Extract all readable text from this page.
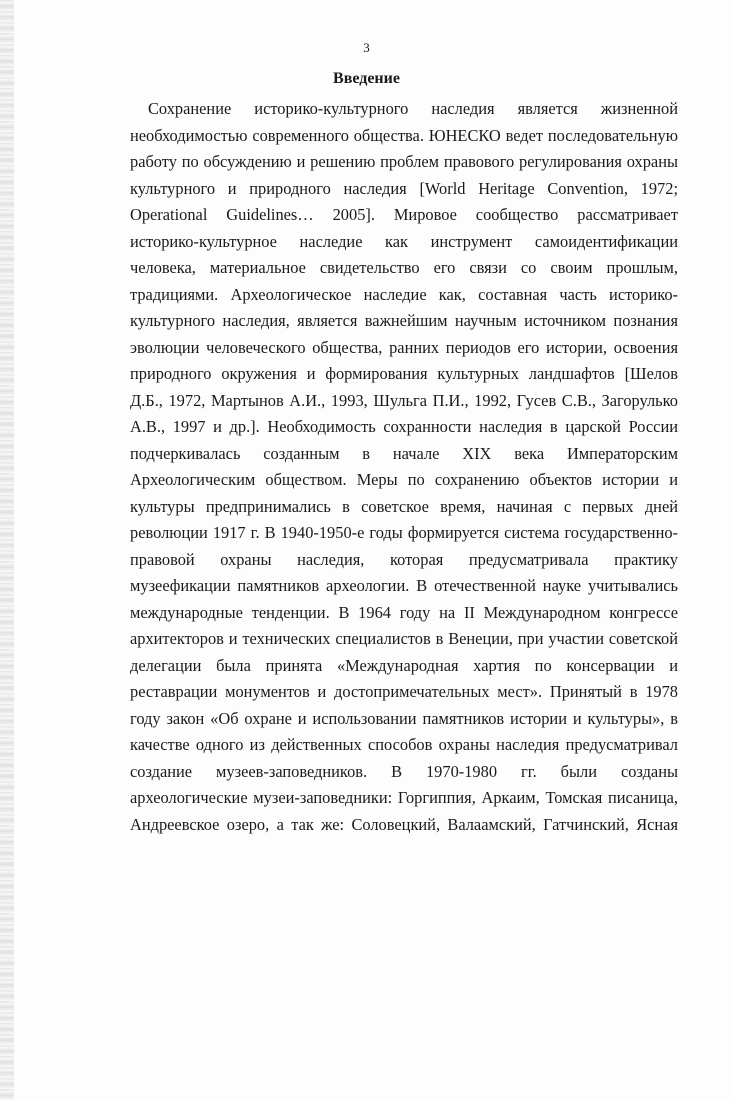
3
Введение
Сохранение историко-культурного наследия является жизненной
необходимостью современного общества. ЮНЕСКО ведет последовательную
работу по обсуждению и решению проблем правового регулирования охраны
культурного и природного наследия [World Heritage Convention, 1972;
Operational Guidelines… 2005]. Мировое сообщество рассматривает
историко-культурное наследие как инструмент самоидентификации
человека, материальное свидетельство его связи со своим прошлым,
традициями. Археологическое наследие как, составная часть историко-
культурного наследия, является важнейшим научным источником познания
эволюции человеческого общества, ранних периодов его истории, освоения
природного окружения и формирования культурных ландшафтов [Шелов
Д.Б., 1972, Мартынов А.И., 1993, Шульга П.И., 1992, Гусев С.В., Загорулько
А.В., 1997 и др.]. Необходимость сохранности наследия в царской России
подчеркивалась созданным в начале XIX века Императорским
Археологическим обществом. Меры по сохранению объектов истории и
культуры предпринимались в советское время, начиная с первых дней
революции 1917 г. В 1940-1950-е годы формируется система государственно-
правовой охраны наследия, которая предусматривала практику
музеефикации памятников археологии. В отечественной науке учитывались
международные тенденции. В 1964 году на II Международном конгрессе
архитекторов и технических специалистов в Венеции, при участии советской
делегации была принята «Международная хартия по консервации и
реставрации монументов и достопримечательных мест». Принятый в 1978
году закон «Об охране и использовании памятников истории и культуры», в
качестве одного из действенных способов охраны наследия предусматривал
создание музеев-заповедников. В 1970-1980 гг. были созданы
археологические музеи-заповедники: Горгиппия, Аркаим, Томская писаница,
Андреевское озеро, а так же: Соловецкий, Валаамский, Гатчинский, Ясная
